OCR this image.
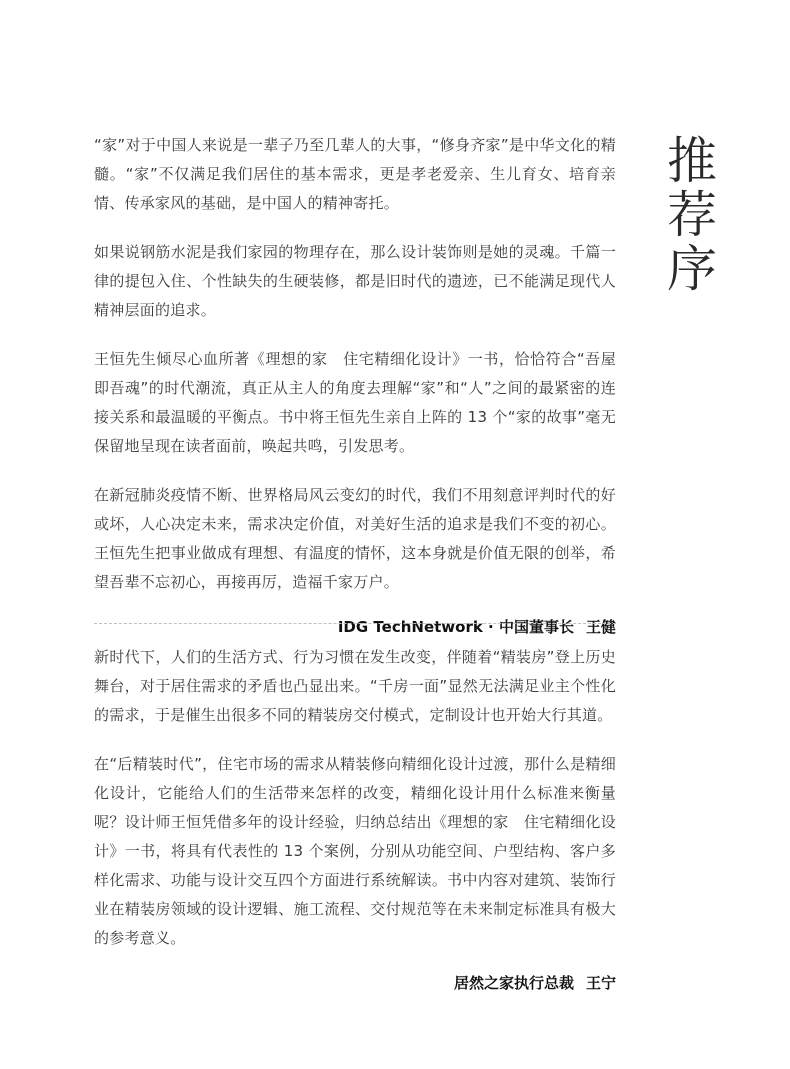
推
荐
序

“家”对于中国人来说是一辈子乃至几辈人的大事，“修身齐家”是中华文化的精髓。“家”不仅满足我们居住的基本需求，更是孝老爱亲、生儿育女、培育亲情、传承家风的基础，是中国人的精神寄托。

如果说钢筋水泥是我们家园的物理存在，那么设计装饰则是她的灵魂。千篇一律的提包入住、个性缺失的生硬装修，都是旧时代的遗迹，已不能满足现代人精神层面的追求。

王恒先生倾尽心血所著《理想的家　住宅精细化设计》一书，恰恰符合“吾屋即吾魂”的时代潮流，真正从主人的角度去理解“家”和“人”之间的最紧密的连接关系和最温暖的平衡点。书中将王恒先生亲自上阵的 13 个“家的故事”毫无保留地呈现在读者面前，唤起共鸣，引发思考。

在新冠肺炎疫情不断、世界格局风云变幻的时代，我们不用刻意评判时代的好或坏，人心决定未来，需求决定价值，对美好生活的追求是我们不变的初心。王恒先生把事业做成有理想、有温度的情怀，这本身就是价值无限的创举，希望吾辈不忘初心，再接再厉，造福千家万户。

IDG TechNetwork · 中国董事长 王健

新时代下，人们的生活方式、行为习惯在发生改变，伴随着“精装房”登上历史舞台，对于居住需求的矛盾也凸显出来。“千房一面”显然无法满足业主个性化的需求，于是催生出很多不同的精装房交付模式，定制设计也开始大行其道。

在“后精装时代”，住宅市场的需求从精装修向精细化设计过渡，那什么是精细化设计，它能给人们的生活带来怎样的改变，精细化设计用什么标准来衡量呢？设计师王恒凭借多年的设计经验，归纳总结出《理想的家　住宅精细化设计》一书，将具有代表性的 13 个案例，分别从功能空间、户型结构、客户多样化需求、功能与设计交互四个方面进行系统解读。书中内容对建筑、装饰行业在精装房领域的设计逻辑、施工流程、交付规范等在未来制定标准具有极大的参考意义。

居然之家执行总裁 王宁
